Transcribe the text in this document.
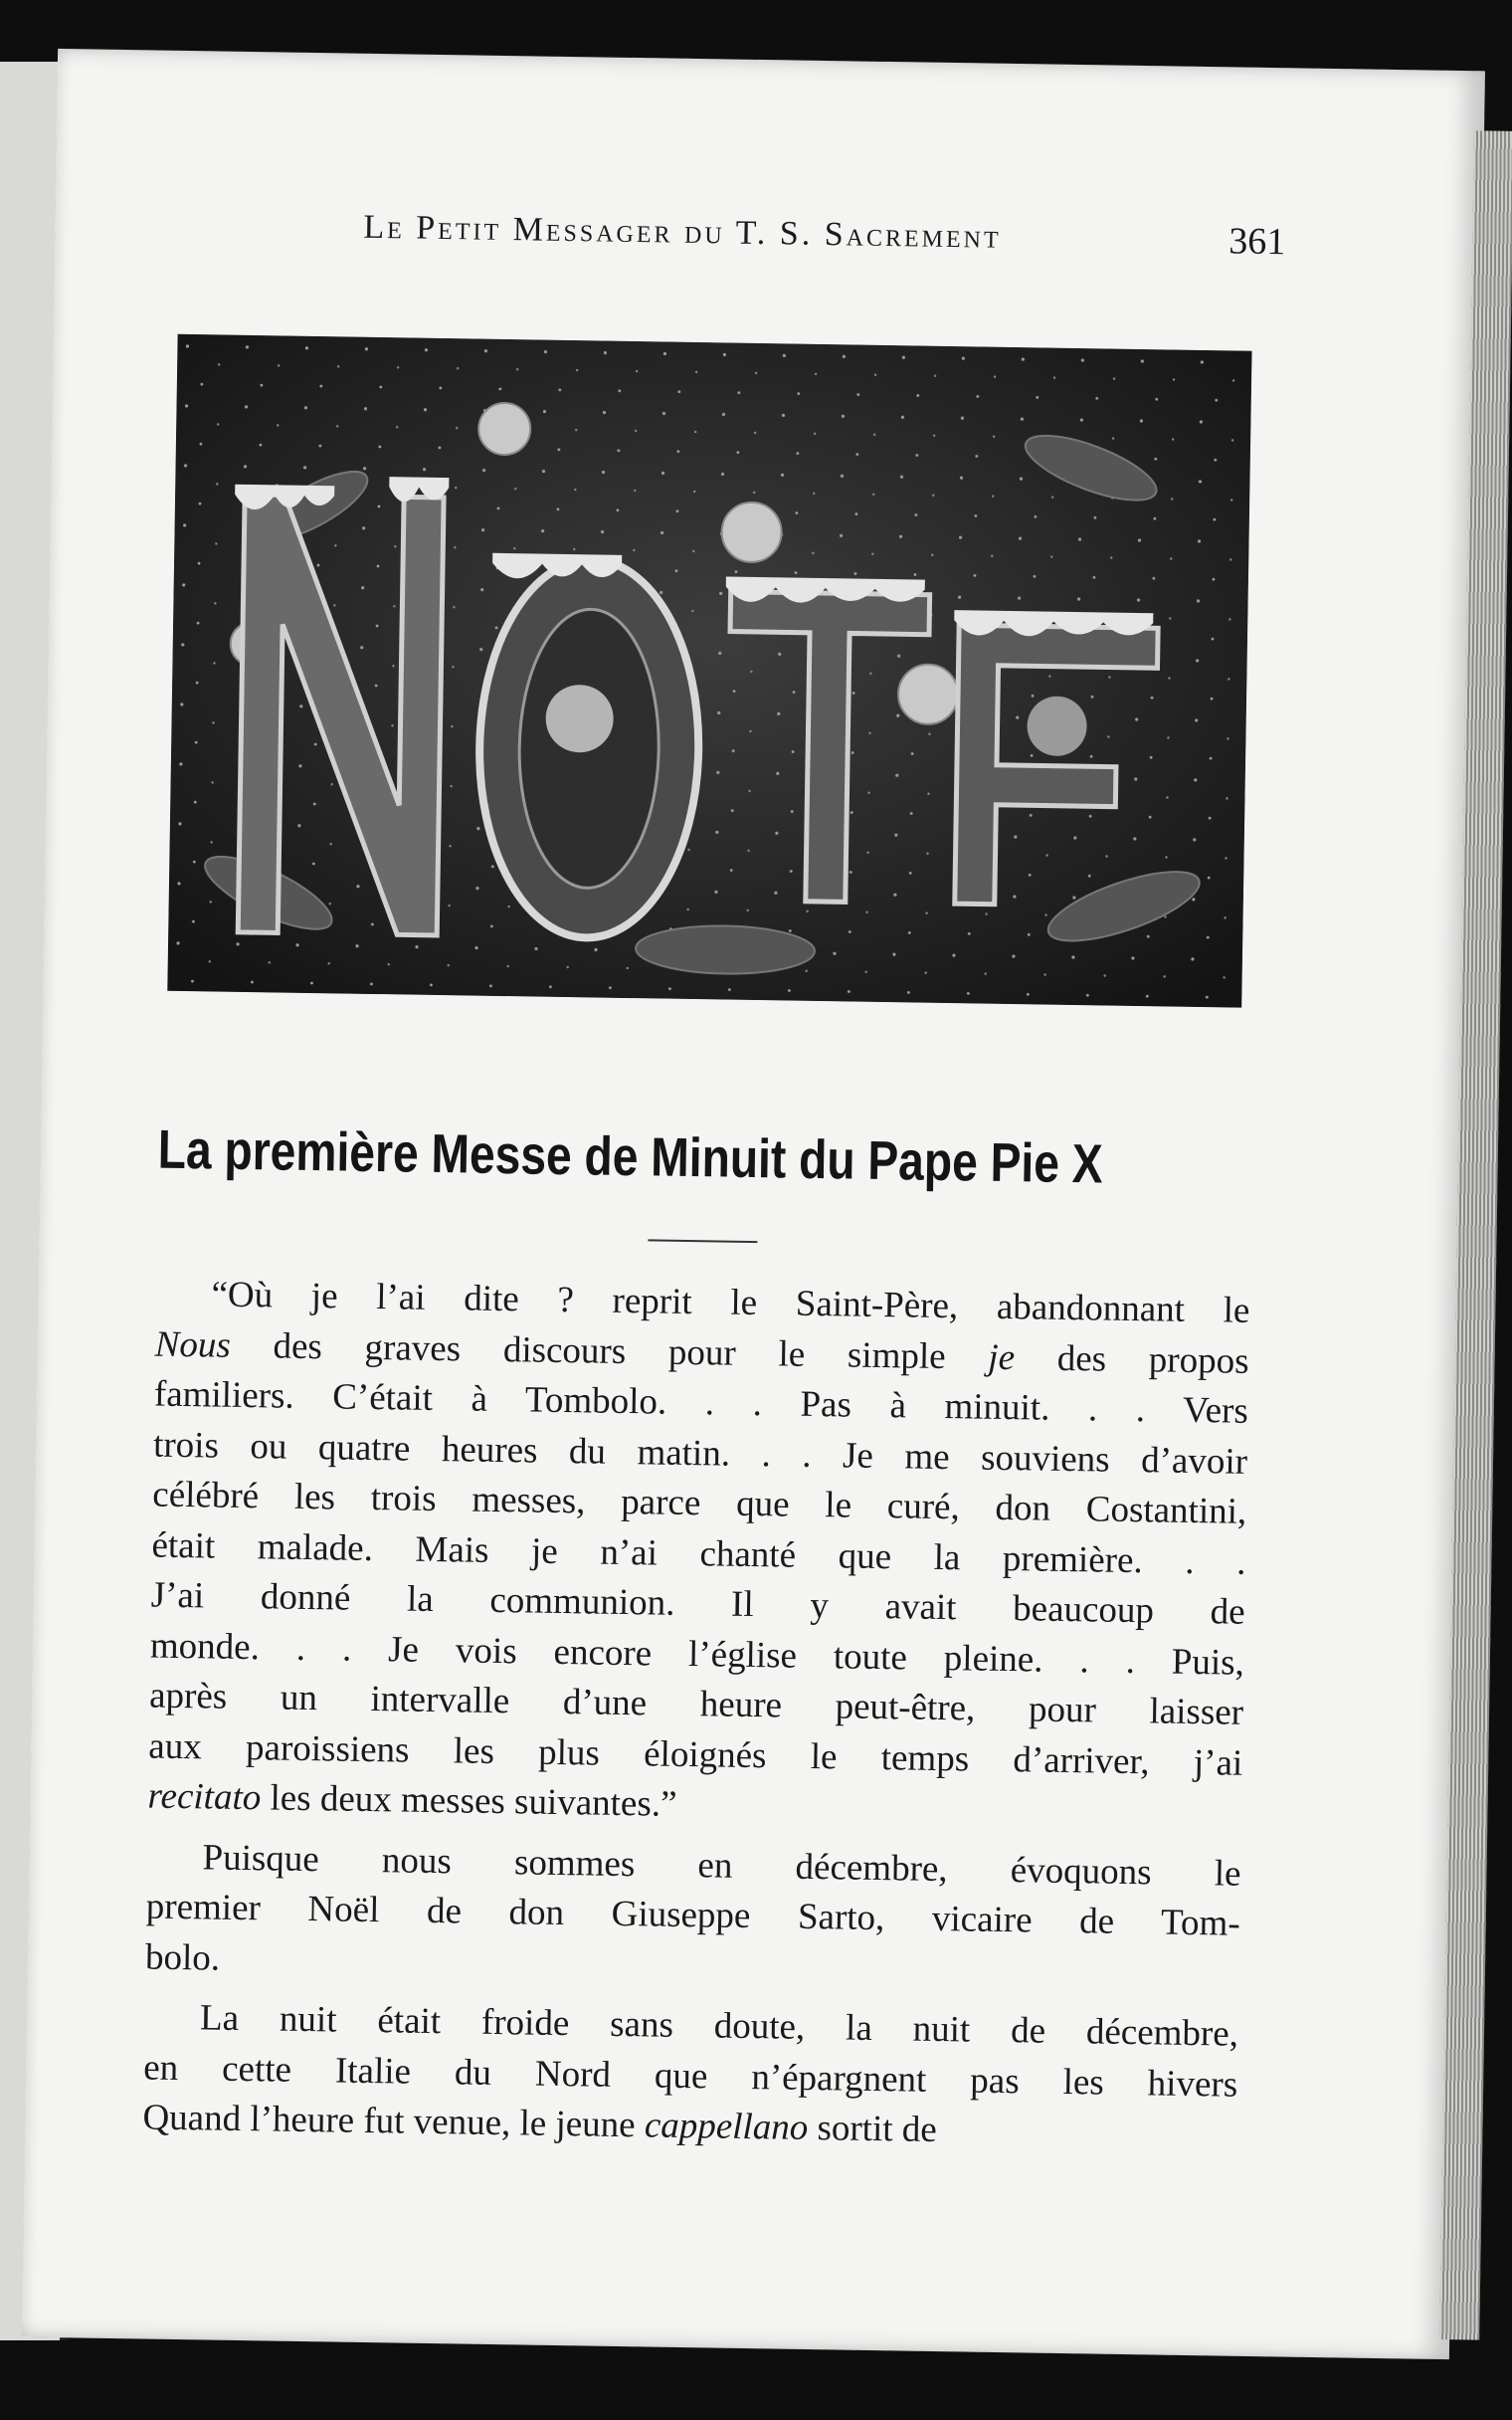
Le Petit Messager du T. S. Sacrement	361
La première Messe de Minuit du Pape Pie X
“Où je l’ai dite ? reprit le Saint-Père, abandonnant le
Nous des graves discours pour le simple je des propos
familiers. C’était à Tombolo. . . Pas à minuit. . . Vers
trois ou quatre heures du matin. . . Je me souviens d’avoir
célébré les trois messes, parce que le curé, don Costantini,
était malade. Mais je n’ai chanté que la première. . .
J’ai donné la communion. Il y avait beaucoup de
monde. . . Je vois encore l’église toute pleine. . . Puis,
après un intervalle d’une heure peut-être, pour laisser
aux paroissiens les plus éloignés le temps d’arriver, j’ai
recitato les deux messes suivantes.”
Puisque nous sommes en décembre, évoquons le
premier Noël de don Giuseppe Sarto, vicaire de Tom-
bolo.
La nuit était froide sans doute, la nuit de décembre,
en cette Italie du Nord que n’épargnent pas les hivers
Quand l’heure fut venue, le jeune cappellano sortit de
